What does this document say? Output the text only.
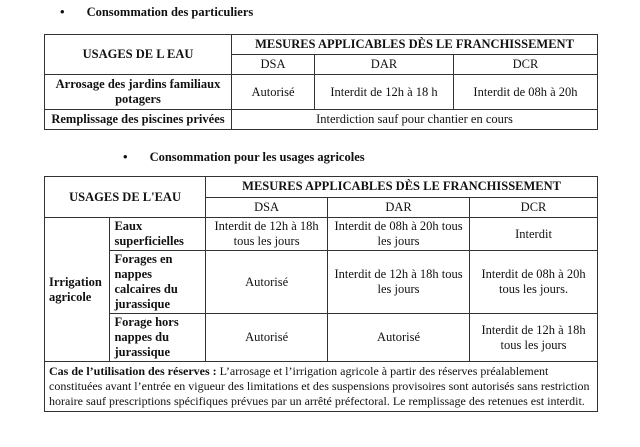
• Consommation des particuliers
USAGES DE L EAU	MESURES APPLICABLES DÈS LE FRANCHISSEMENT		
	DSA	DAR	DCR
Arrosage des jardins familiaux potagers	Autorisé	Interdit de 12h à 18 h	Interdit de 08h à 20h
Remplissage des piscines privées	Interdiction sauf pour chantier en cours		
• Consommation pour les usages agricoles
USAGES DE L'EAU		MESURES APPLICABLES DÈS LE FRANCHISSEMENT		
		DSA	DAR	DCR
Irrigation agricole	Eaux superficielles	Interdit de 12h à 18h tous les jours	Interdit de 08h à 20h tous les jours	Interdit
	Forages en nappes calcaires du jurassique	Autorisé	Interdit de 12h à 18h tous les jours	Interdit de 08h à 20h tous les jours.
	Forage hors nappes du jurassique	Autorisé	Autorisé	Interdit de 12h à 18h tous les jours
Cas de l’utilisation des réserves : L’arrosage et l’irrigation agricole à partir des réserves préalablement constituées avant l’entrée en vigueur des limitations et des suspensions provisoires sont autorisés sans restriction horaire sauf prescriptions spécifiques prévues par un arrêté préfectoral. Le remplissage des retenues est interdit.				
